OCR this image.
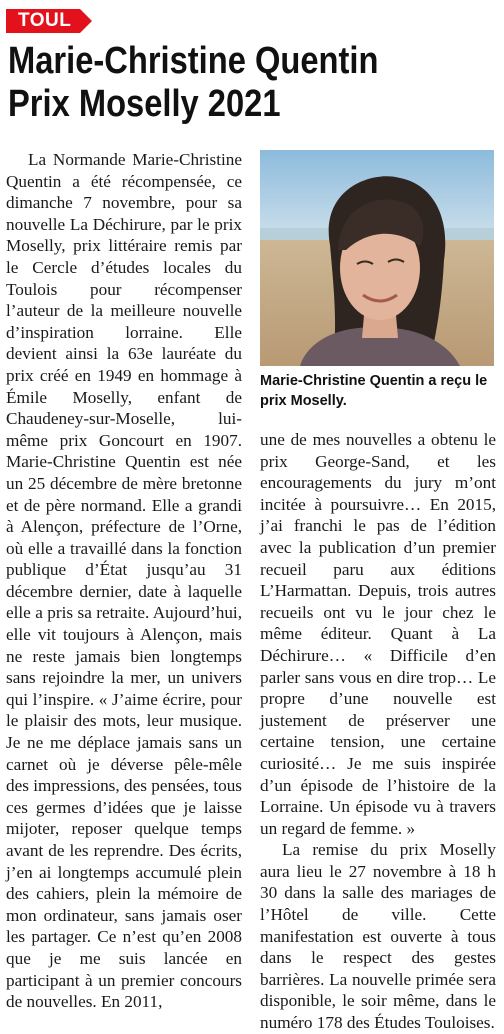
TOUL
Marie-Christine Quentin
Prix Moselly 2021

La Normande Marie-Christine Quentin a été récompensée, ce dimanche 7 novembre, pour sa nouvelle La Déchirure, par le prix Moselly, prix littéraire remis par le Cercle d’études locales du Toulois pour récompenser l’auteur de la meilleure nouvelle d’inspiration lorraine. Elle devient ainsi la 63e lauréate du prix créé en 1949 en hommage à Émile Moselly, enfant de Chaudeney-sur-Moselle, lui-même prix Goncourt en 1907. Marie-Christine Quentin est née un 25 décembre de mère bretonne et de père normand. Elle a grandi à Alençon, préfecture de l’Orne, où elle a travaillé dans la fonction publique d’État jusqu’au 31 décembre dernier, date à laquelle elle a pris sa retraite. Aujourd’hui, elle vit toujours à Alençon, mais ne reste jamais bien longtemps sans rejoindre la mer, un univers qui l’inspire. « J’aime écrire, pour le plaisir des mots, leur musique. Je ne me déplace jamais sans un carnet où je déverse pêle-mêle des impressions, des pensées, tous ces germes d’idées que je laisse mijoter, reposer quelque temps avant de les reprendre. Des écrits, j’en ai longtemps accumulé plein des cahiers, plein la mémoire de mon ordinateur, sans jamais oser les partager. Ce n’est qu’en 2008 que je me suis lancée en participant à un premier concours de nouvelles. En 2011,

Marie-Christine Quentin a reçu le prix Moselly.

une de mes nouvelles a obtenu le prix George-Sand, et les encouragements du jury m’ont incitée à poursuivre… En 2015, j’ai franchi le pas de l’édition avec la publication d’un premier recueil paru aux éditions L’Harmattan. Depuis, trois autres recueils ont vu le jour chez le même éditeur. Quant à La Déchirure… « Difficile d’en parler sans vous en dire trop… Le propre d’une nouvelle est justement de préserver une certaine tension, une certaine curiosité… Je me suis inspirée d’un épisode de l’histoire de la Lorraine. Un épisode vu à travers un regard de femme. »

La remise du prix Moselly aura lieu le 27 novembre à 18 h 30 dans la salle des mariages de l’Hôtel de ville. Cette manifestation est ouverte à tous dans le respect des gestes barrières. La nouvelle primée sera disponible, le soir même, dans le numéro 178 des Études Touloises.
